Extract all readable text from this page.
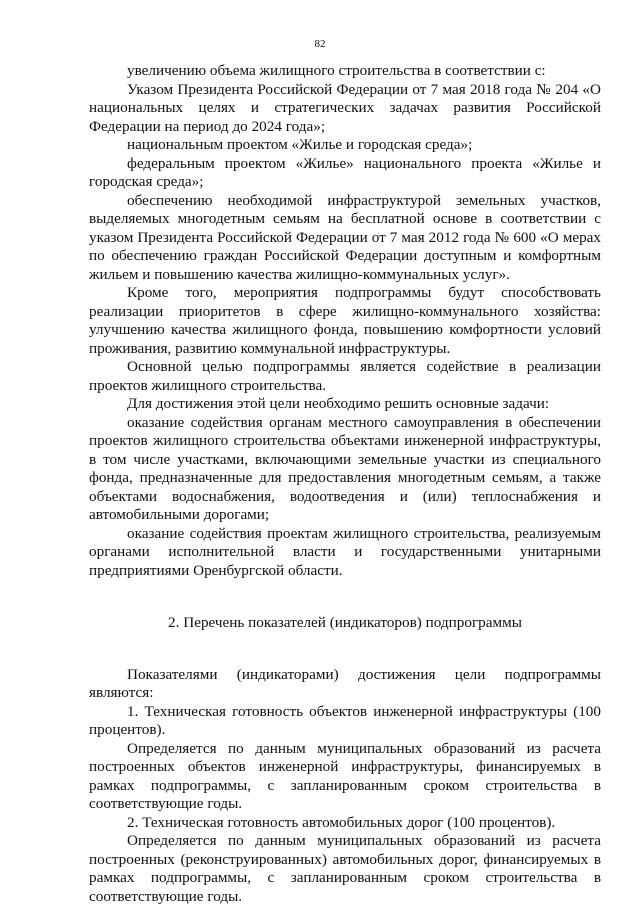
82

увеличению объема жилищного строительства в соответствии с:

Указом Президента Российской Федерации от 7 мая 2018 года № 204 «О национальных целях и стратегических задачах развития Российской Федерации на период до 2024 года»;

национальным проектом «Жилье и городская среда»;

федеральным проектом «Жилье» национального проекта «Жилье и городская среда»;

обеспечению необходимой инфраструктурой земельных участков, выделяемых многодетным семьям на бесплатной основе в соответствии с указом Президента Российской Федерации от 7 мая 2012 года № 600 «О мерах по обеспечению граждан Российской Федерации доступным и комфортным жильем и повышению качества жилищно-коммунальных услуг».

Кроме того, мероприятия подпрограммы будут способствовать реализации приоритетов в сфере жилищно-коммунального хозяйства: улучшению качества жилищного фонда, повышению комфортности условий проживания, развитию коммунальной инфраструктуры.

Основной целью подпрограммы является содействие в реализации проектов жилищного строительства.

Для достижения этой цели необходимо решить основные задачи:

оказание содействия органам местного самоуправления в обеспечении проектов жилищного строительства объектами инженерной инфраструктуры, в том числе участками, включающими земельные участки из специального фонда, предназначенные для предоставления многодетным семьям, а также объектами водоснабжения, водоотведения и (или) теплоснабжения и автомобильными дорогами;

оказание содействия проектам жилищного строительства, реализуемым органами исполнительной власти и государственными унитарными предприятиями Оренбургской области.

2. Перечень показателей (индикаторов) подпрограммы

Показателями (индикаторами) достижения цели подпрограммы являются:

1. Техническая готовность объектов инженерной инфраструктуры (100 процентов).

Определяется по данным муниципальных образований из расчета построенных объектов инженерной инфраструктуры, финансируемых в рамках подпрограммы, с запланированным сроком строительства в соответствующие годы.

2. Техническая готовность автомобильных дорог (100 процентов).

Определяется по данным муниципальных образований из расчета построенных (реконструированных) автомобильных дорог, финансируемых в рамках подпрограммы, с запланированным сроком строительства в соответствующие годы.
